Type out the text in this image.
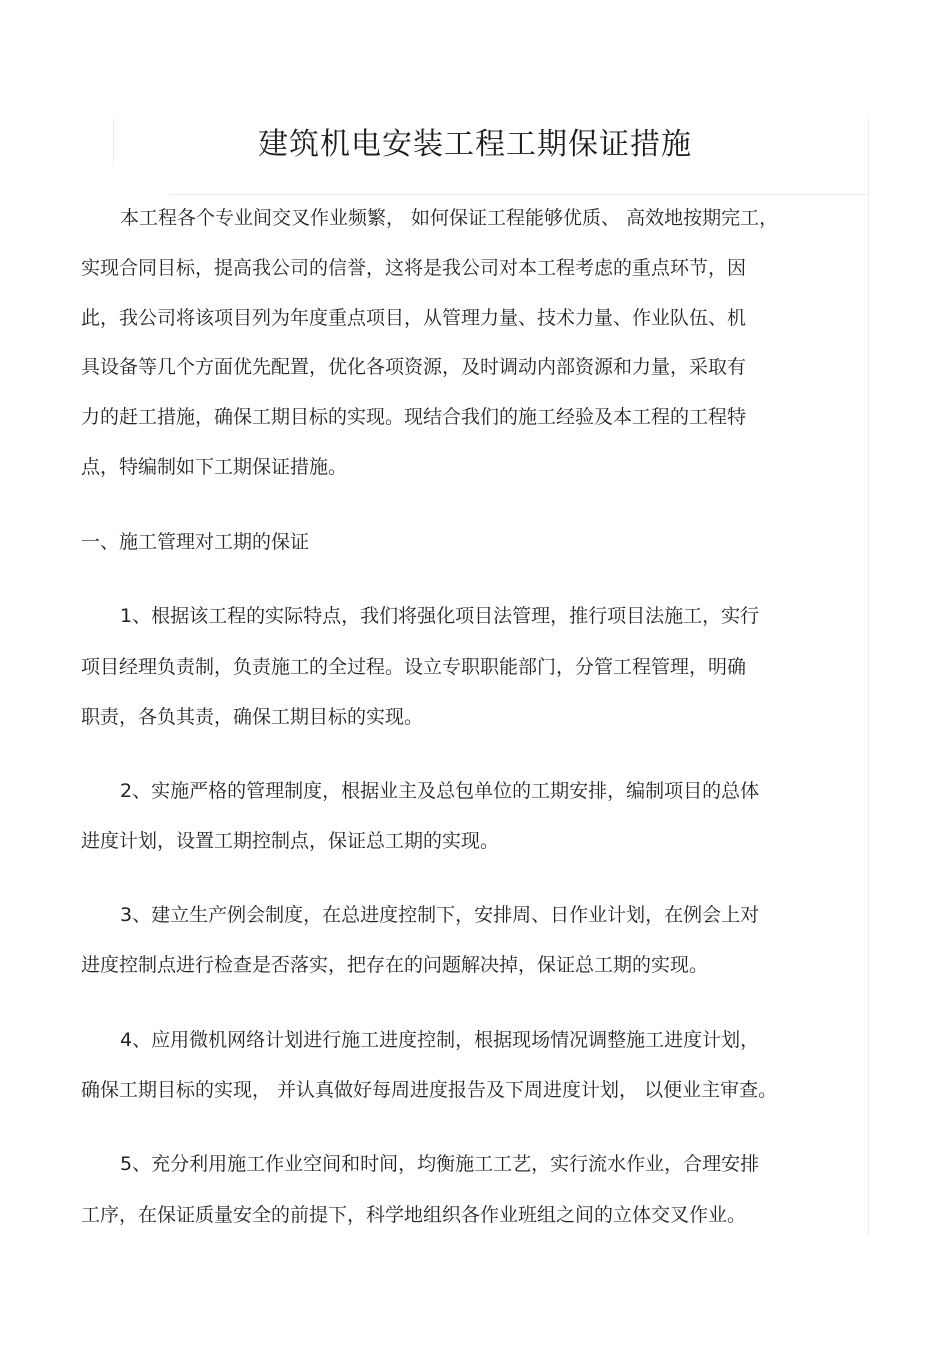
建筑机电安装工程工期保证措施
本工程各个专业间交叉作业频繁， 如何保证工程能够优质、 高效地按期完工，
实现合同目标，提高我公司的信誉，这将是我公司对本工程考虑的重点环节，因
此，我公司将该项目列为年度重点项目，从管理力量、技术力量、作业队伍、机
具设备等几个方面优先配置，优化各项资源，及时调动内部资源和力量，采取有
力的赶工措施，确保工期目标的实现。现结合我们的施工经验及本工程的工程特
点，特编制如下工期保证措施。
一、施工管理对工期的保证
1、根据该工程的实际特点，我们将强化项目法管理，推行项目法施工，实行
项目经理负责制，负责施工的全过程。设立专职职能部门，分管工程管理，明确
职责，各负其责，确保工期目标的实现。
2、实施严格的管理制度，根据业主及总包单位的工期安排，编制项目的总体
进度计划，设置工期控制点，保证总工期的实现。
3、建立生产例会制度，在总进度控制下，安排周、日作业计划，在例会上对
进度控制点进行检查是否落实，把存在的问题解决掉，保证总工期的实现。
4、应用微机网络计划进行施工进度控制，根据现场情况调整施工进度计划，
确保工期目标的实现， 并认真做好每周进度报告及下周进度计划， 以便业主审查。
5、充分利用施工作业空间和时间，均衡施工工艺，实行流水作业，合理安排
工序，在保证质量安全的前提下，科学地组织各作业班组之间的立体交叉作业。
